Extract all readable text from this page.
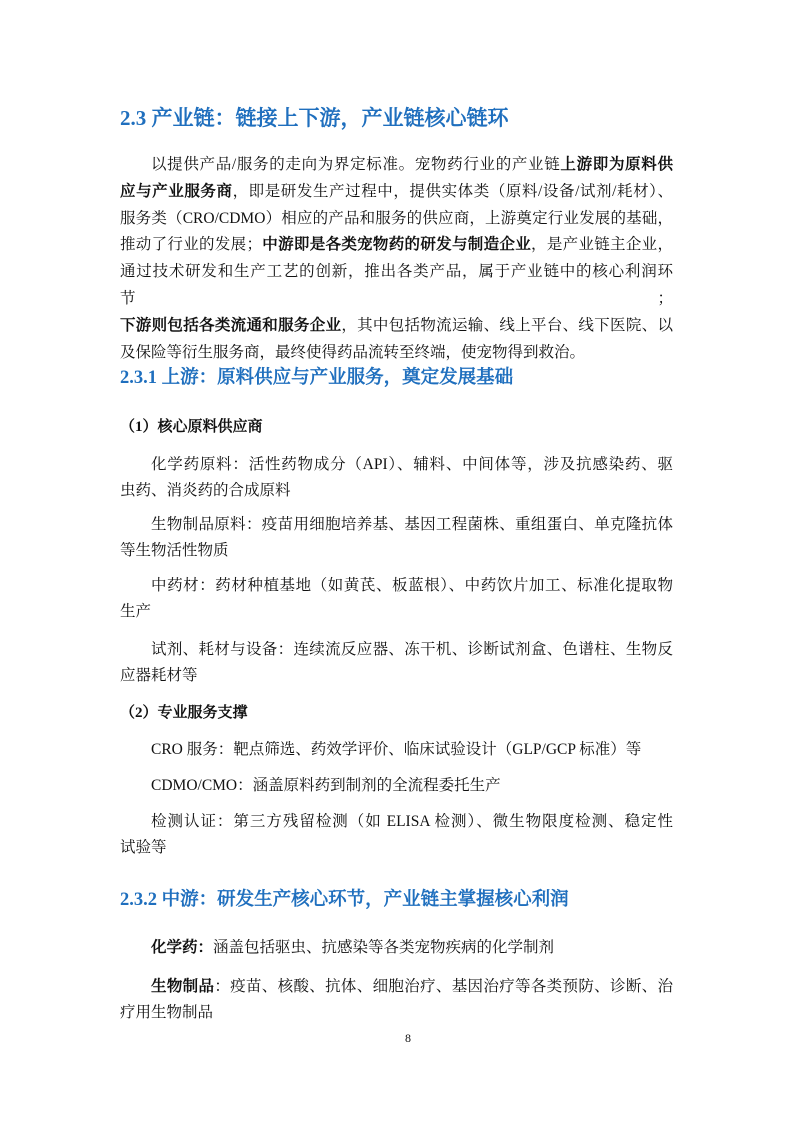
2.3 产业链：链接上下游，产业链核心链环
以提供产品/服务的走向为界定标准。宠物药行业的产业链上游即为原料供
应与产业服务商，即是研发生产过程中，提供实体类（原料/设备/试剂/耗材）、
服务类（CRO/CDMO）相应的产品和服务的供应商，上游奠定行业发展的基础，
推动了行业的发展；中游即是各类宠物药的研发与制造企业，是产业链主企业，
通过技术研发和生产工艺的创新，推出各类产品，属于产业链中的核心利润环节；
下游则包括各类流通和服务企业，其中包括物流运输、线上平台、线下医院、以
及保险等衍生服务商，最终使得药品流转至终端，使宠物得到救治。
2.3.1 上游：原料供应与产业服务，奠定发展基础
（1）核心原料供应商
化学药原料：活性药物成分（API）、辅料、中间体等，涉及抗感染药、驱
虫药、消炎药的合成原料
生物制品原料：疫苗用细胞培养基、基因工程菌株、重组蛋白、单克隆抗体
等生物活性物质
中药材：药材种植基地（如黄芪、板蓝根）、中药饮片加工、标准化提取物
生产
试剂、耗材与设备：连续流反应器、冻干机、诊断试剂盒、色谱柱、生物反
应器耗材等
（2）专业服务支撑
CRO 服务：靶点筛选、药效学评价、临床试验设计（GLP/GCP 标准）等
CDMO/CMO：涵盖原料药到制剂的全流程委托生产
检测认证：第三方残留检测（如 ELISA 检测）、微生物限度检测、稳定性
试验等
2.3.2 中游：研发生产核心环节，产业链主掌握核心利润
化学药：涵盖包括驱虫、抗感染等各类宠物疾病的化学制剂
生物制品：疫苗、核酸、抗体、细胞治疗、基因治疗等各类预防、诊断、治
疗用生物制品
8
